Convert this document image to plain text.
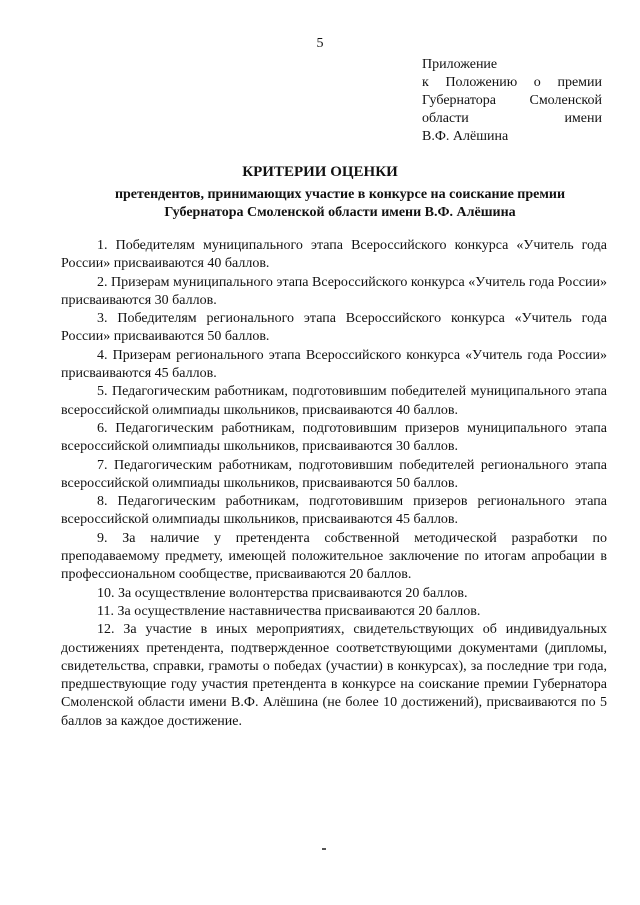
5
Приложение
к Положению о премии
Губернатора Смоленской
области имени
В.Ф. Алёшина
КРИТЕРИИ ОЦЕНКИ
претендентов, принимающих участие в конкурсе на соискание премии
Губернатора Смоленской области имени В.Ф. Алёшина

1. Победителям муниципального этапа Всероссийского конкурса «Учитель года России» присваиваются 40 баллов.

2. Призерам муниципального этапа Всероссийского конкурса «Учитель года России» присваиваются 30 баллов.

3. Победителям регионального этапа Всероссийского конкурса «Учитель года России» присваиваются 50 баллов.

4. Призерам регионального этапа Всероссийского конкурса «Учитель года России» присваиваются 45 баллов.

5. Педагогическим работникам, подготовившим победителей муниципального этапа всероссийской олимпиады школьников, присваиваются 40 баллов.

6. Педагогическим работникам, подготовившим призеров муниципального этапа всероссийской олимпиады школьников, присваиваются 30 баллов.

7. Педагогическим работникам, подготовившим победителей регионального этапа всероссийской олимпиады школьников, присваиваются 50 баллов.

8. Педагогическим работникам, подготовившим призеров регионального этапа всероссийской олимпиады школьников, присваиваются 45 баллов.

9. За наличие у претендента собственной методической разработки по преподаваемому предмету, имеющей положительное заключение по итогам апробации в профессиональном сообществе, присваиваются 20 баллов.

10. За осуществление волонтерства присваиваются 20 баллов.

11. За осуществление наставничества присваиваются 20 баллов.

12. За участие в иных мероприятиях, свидетельствующих об индивидуальных достижениях претендента, подтвержденное соответствующими документами (дипломы, свидетельства, справки, грамоты о победах (участии) в конкурсах), за последние три года, предшествующие году участия претендента в конкурсе на соискание премии Губернатора Смоленской области имени В.Ф. Алёшина (не более 10 достижений), присваиваются по 5 баллов за каждое достижение.
